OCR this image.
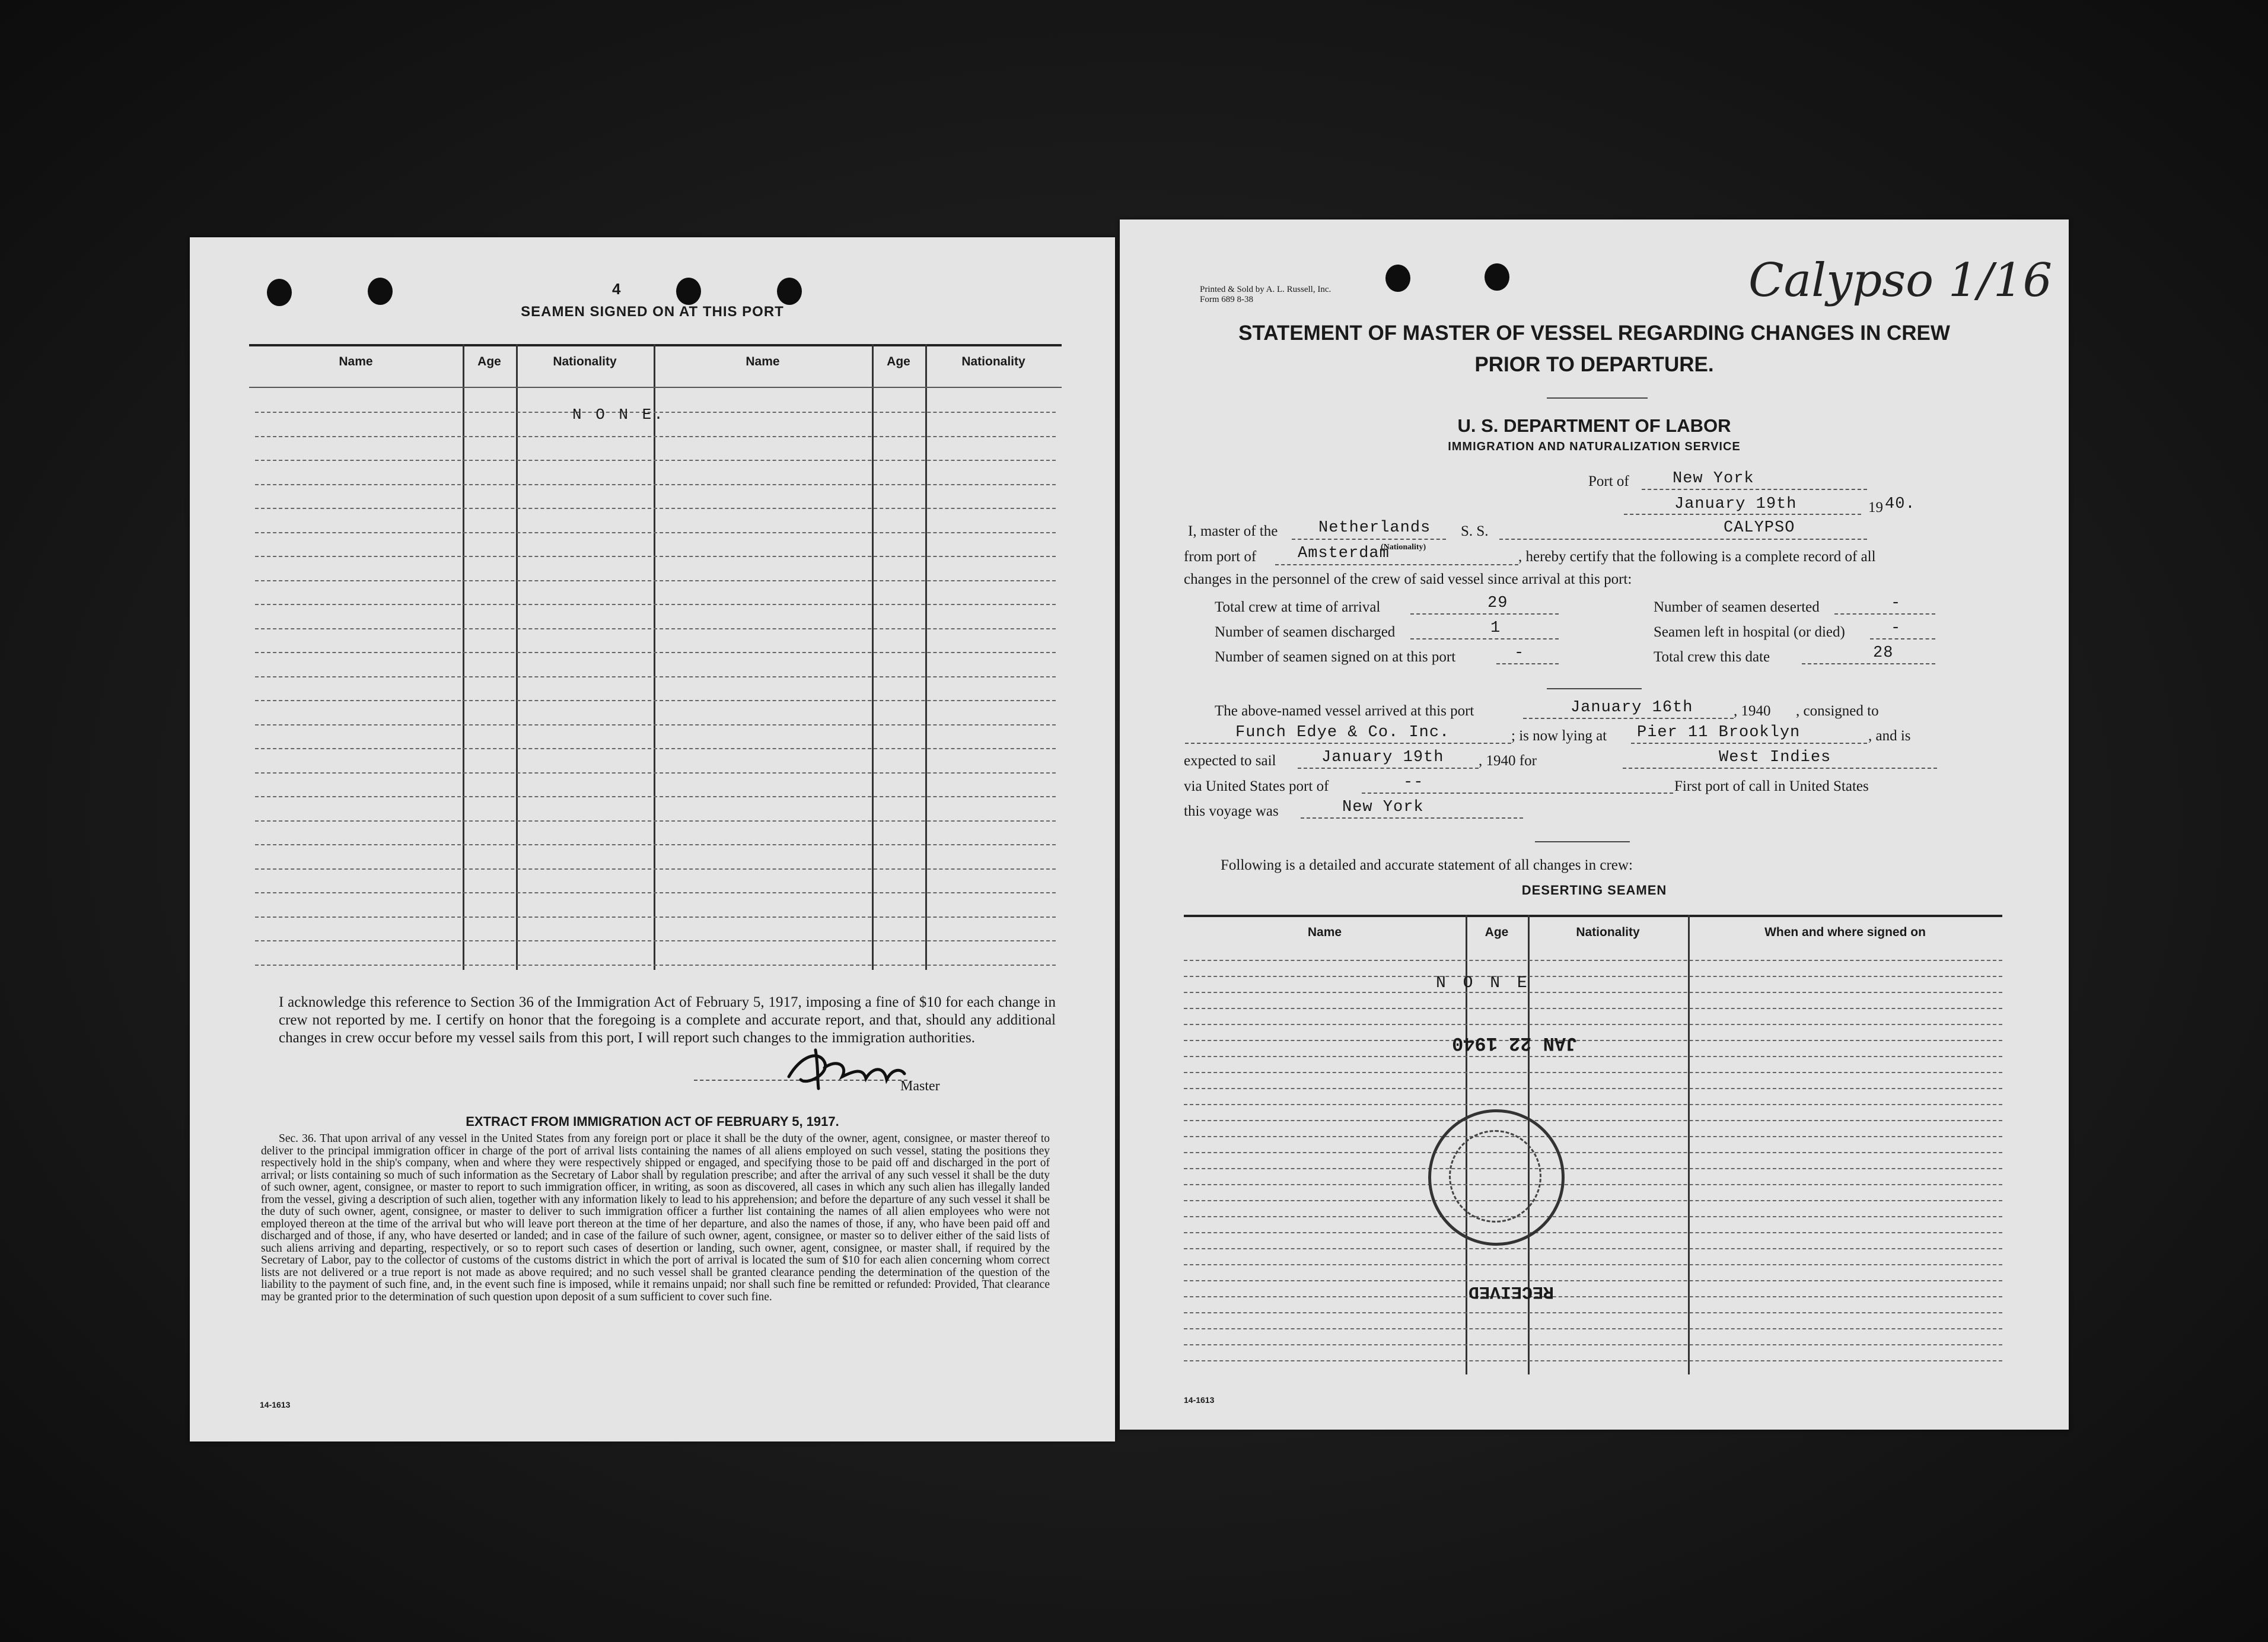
4
SEAMEN SIGNED ON AT THIS PORT
Name	Age	Nationality	Name	Age	Nationality
N O N E.
I acknowledge this reference to Section 36 of the Immigration Act of February 5, 1917, imposing a fine of $10 for each change in crew not reported by me. I certify on honor that the foregoing is a complete and accurate report, and that, should any additional changes in crew occur before my vessel sails from this port, I will report such changes to the immigration authorities.
Master
EXTRACT FROM IMMIGRATION ACT OF FEBRUARY 5, 1917.
Sec. 36. That upon arrival of any vessel in the United States from any foreign port or place it shall be the duty of the owner, agent, consignee, or master thereof to deliver to the principal immigration officer in charge of the port of arrival lists containing the names of all aliens employed on such vessel, stating the positions they respectively hold in the ship's company, when and where they were respectively shipped or engaged, and specifying those to be paid off and discharged in the port of arrival; or lists containing so much of such information as the Secretary of Labor shall by regulation prescribe; and after the arrival of any such vessel it shall be the duty of such owner, agent, consignee, or master to report to such immigration officer, in writing, as soon as discovered, all cases in which any such alien has illegally landed from the vessel, giving a description of such alien, together with any information likely to lead to his apprehension; and before the departure of any such vessel it shall be the duty of such owner, agent, consignee, or master to deliver to such immigration officer a further list containing the names of all alien employees who were not employed thereon at the time of the arrival but who will leave port thereon at the time of her departure, and also the names of those, if any, who have been paid off and discharged and of those, if any, who have deserted or landed; and in case of the failure of such owner, agent, consignee, or master so to deliver either of the said lists of such aliens arriving and departing, respectively, or so to report such cases of desertion or landing, such owner, agent, consignee, or master shall, if required by the Secretary of Labor, pay to the collector of customs of the customs district in which the port of arrival is located the sum of $10 for each alien concerning whom correct lists are not delivered or a true report is not made as above required; and no such vessel shall be granted clearance pending the determination of the question of the liability to the payment of such fine, and, in the event such fine is imposed, while it remains unpaid; nor shall such fine be remitted or refunded: Provided, That clearance may be granted prior to the determination of such question upon deposit of a sum sufficient to cover such fine.
14-1613
Printed & Sold by A. L. Russell, Inc.
Form 689 8-38	Calypso 1/16
STATEMENT OF MASTER OF VESSEL REGARDING CHANGES IN CREW
PRIOR TO DEPARTURE.
U. S. DEPARTMENT OF LABOR
IMMIGRATION AND NATURALIZATION SERVICE
Port of	New York
January 19th	19 40.
I, master of the	Netherlands
(Nationality)
S. S.	CALYPSO
from port of	Amsterdam	, hereby certify that the following is a complete record of all
changes in the personnel of the crew of said vessel since arrival at this port:
Total crew at time of arrival	29	Number of seamen deserted	-
Number of seamen discharged	1	Seamen left in hospital (or died)	-
Number of seamen signed on at this port	-	Total crew this date	28
The above-named vessel arrived at this port	January 16th	, 1940 , consigned to
Funch Edye & Co. Inc.	; is now lying at Pier 11 Brooklyn	, and is
expected to sail	January 19th , 1940 for	West Indies
via United States port of	--	First port of call in United States
this voyage was	New York
Following is a detailed and accurate statement of all changes in crew:
DESERTING SEAMEN
Name	Age	Nationality	When and where signed on
N O N E
JAN 22 1940
RECEIVED
14-1613
